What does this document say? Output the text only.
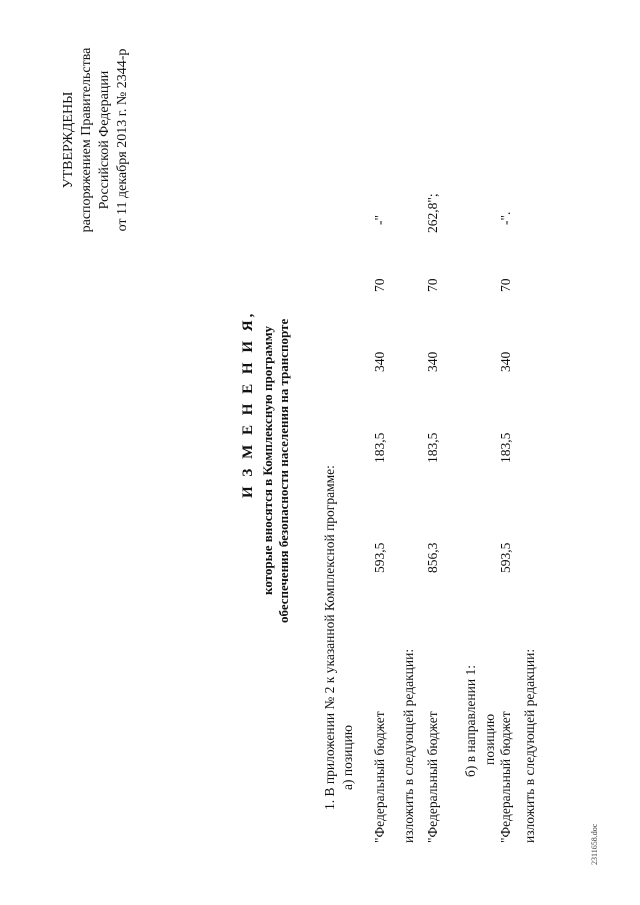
УТВЕРЖДЕНЫ распоряжением Правительства Российской Федерации от 11 декабря 2013 г. № 2344-р
И З М Е Н Е Н И Я, которые вносятся в Комплексную программу обеспечения безопасности населения на транспорте 1. В приложении № 2 к указанной Комплексной программе: а) позицию "Федеральный бюджет
593,5
183,5
340
70
-"
изложить в следующей редакции: "Федеральный бюджет
856,3
183,5
340
70
262,8";
б) в направлении 1: позицию "Федеральный бюджет
593,5
183,5
340
70
-".
изложить в следующей редакции:
2311658.doc
